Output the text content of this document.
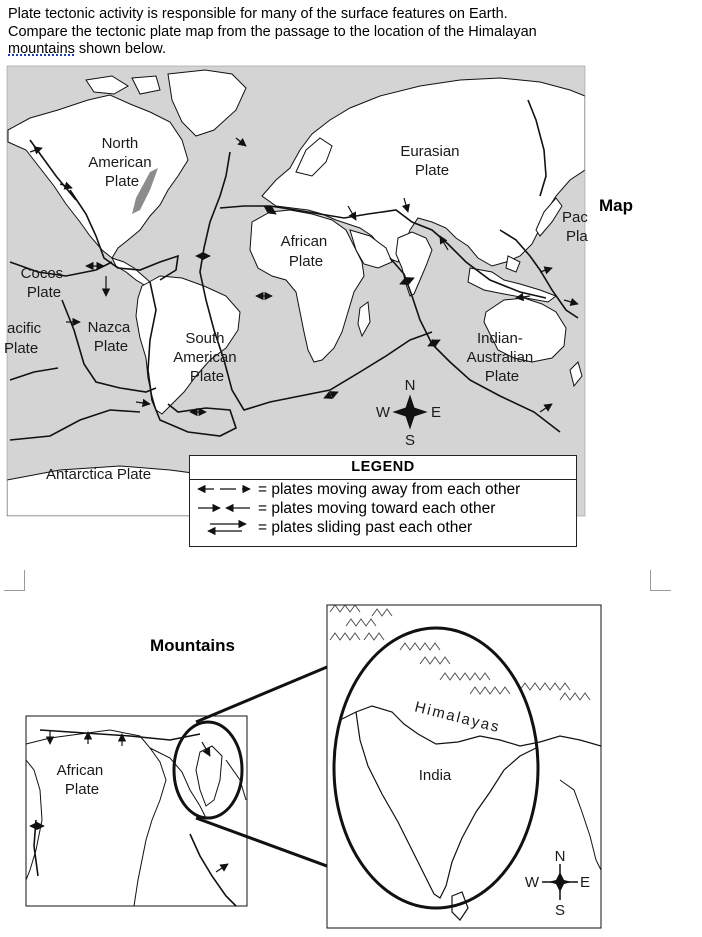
Plate tectonic activity is responsible for many of the surface features on Earth.
Compare the tectonic plate map from the passage to the location of the Himalayan
mountains shown below.
North American Plate
Eurasian Plate
Pac Pla
African Plate
Cocos Plate
acific Plate
Nazca Plate	South American Plate
Indian- Australian Plate
Antarctica Plate
N
S
W	E
African Plate
Himalayas
India
N
S
W	E
LEGEND
= plates moving away from each other
= plates moving toward each other
= plates sliding past each other
Map
Mountains
